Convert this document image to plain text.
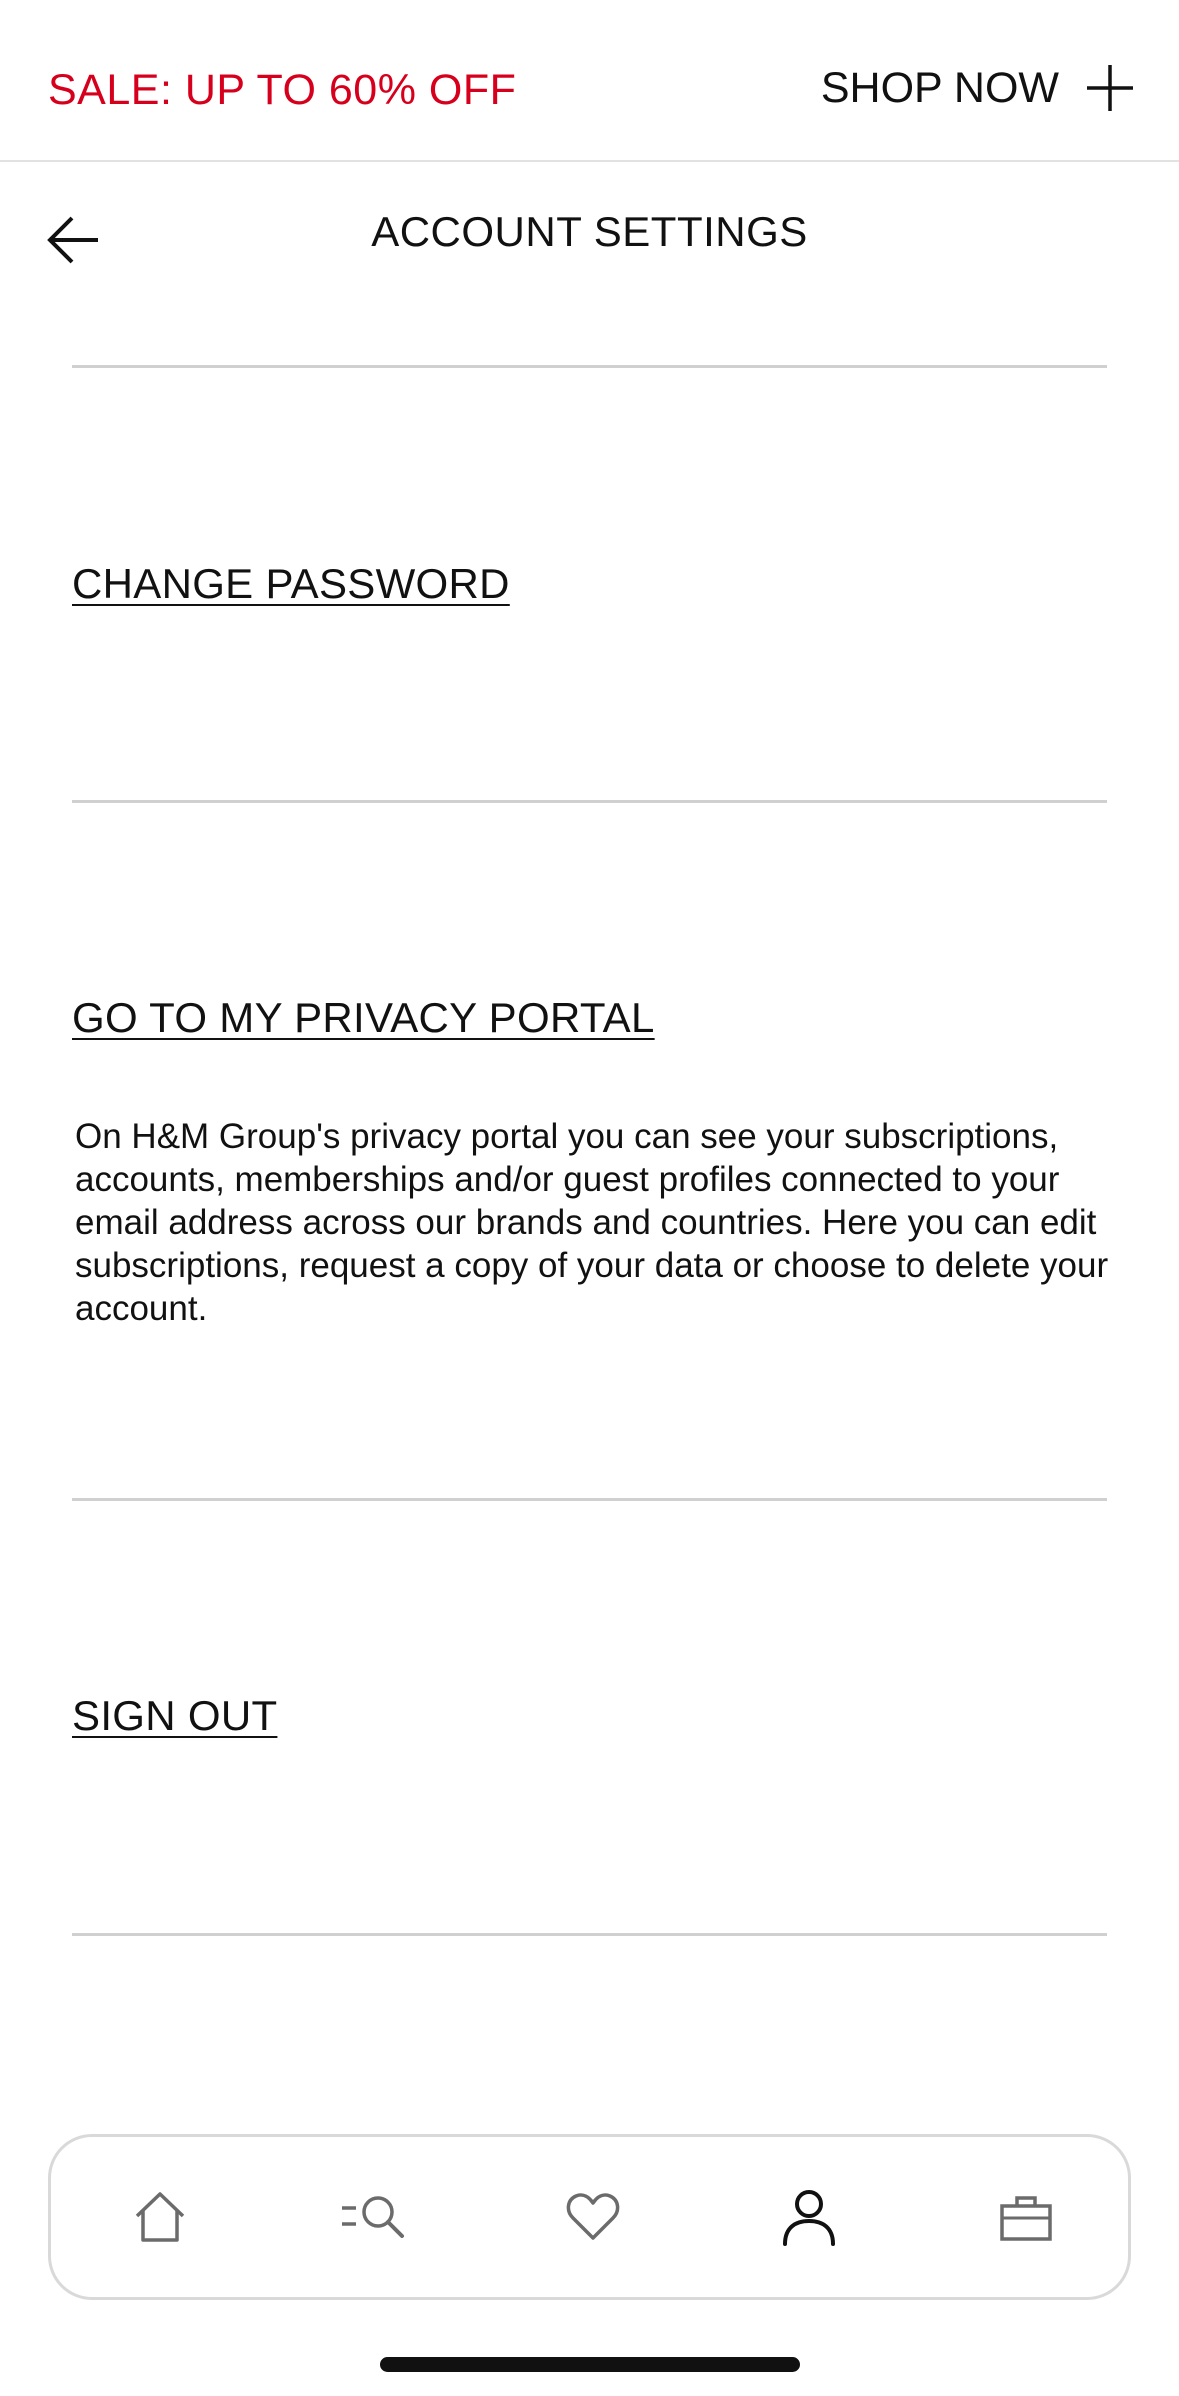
SALE: UP TO 60% OFF	SHOP NOW
ACCOUNT SETTINGS
CHANGE PASSWORD
GO TO MY PRIVACY PORTAL

On H&M Group's privacy portal you can see your subscriptions, accounts, memberships and/or guest profiles connected to your email address across our brands and countries. Here you can edit subscriptions, request a copy of your data or choose to delete your account.

SIGN OUT
